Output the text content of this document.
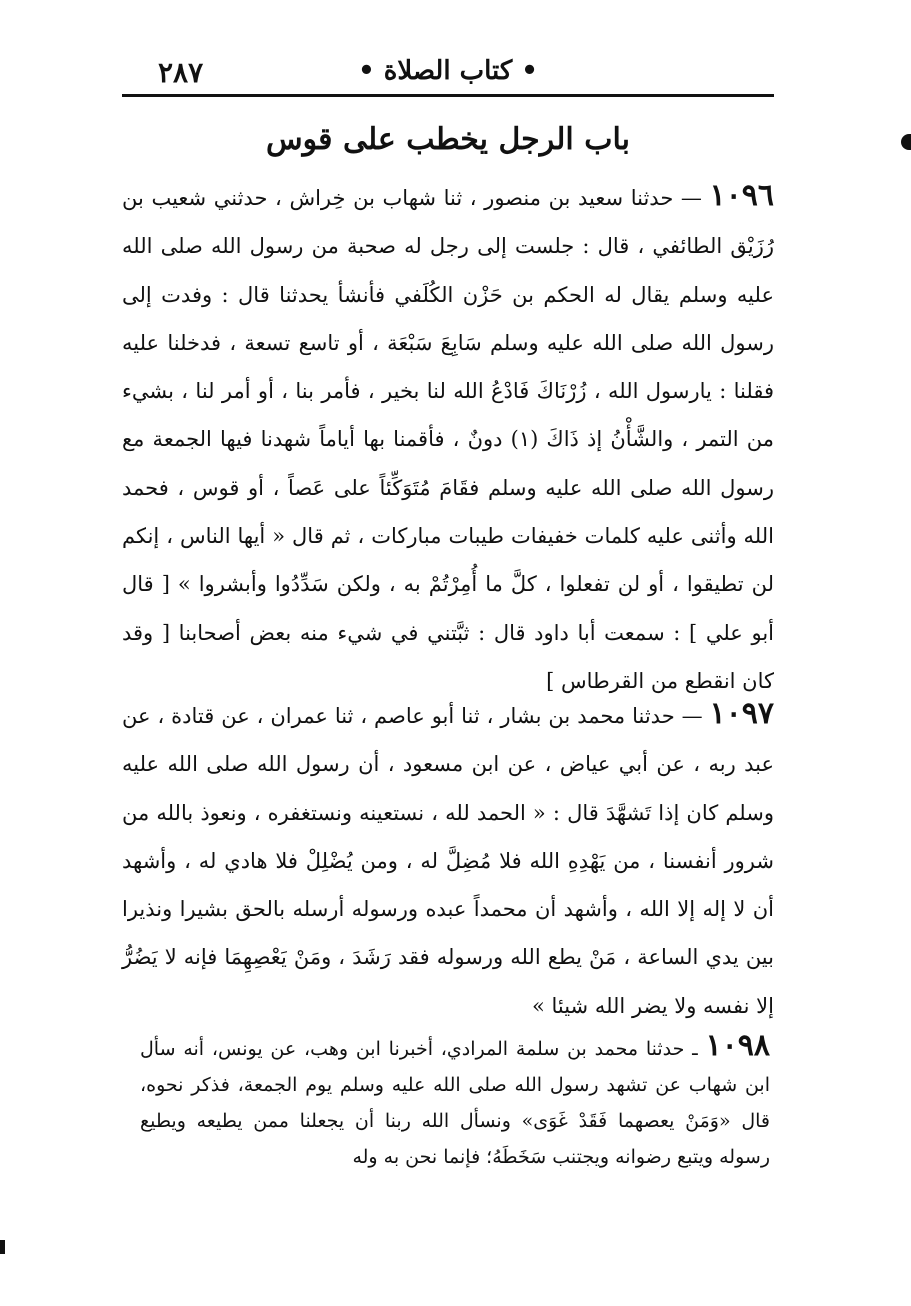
٢٨٧	• كتاب الصلاة •
باب الرجل يخطب على قوس
١٠٩٦ — حدثنا سعيد بن منصور ، ثنا شهاب بن خِراش ، حدثني شعيب بن رُزَيْق الطائفي ، قال : جلست إلى رجل له صحبة من رسول الله صلى الله عليه وسلم يقال له الحكم بن حَزْن الكُلَفي فأنشأ يحدثنا قال : وفدت إلى رسول الله صلى الله عليه وسلم سَابِعَ سَبْعَة ، أو تاسع تسعة ، فدخلنا عليه فقلنا : يارسول الله ، زُرْنَاكَ فَادْعُ الله لنا بخير ، فأمر بنا ، أو أمر لنا ، بشيء من التمر ، والشَّأْنُ إذ ذَاكَ (١) دونٌ ، فأقمنا بها أياماً شهدنا فيها الجمعة مع رسول الله صلى الله عليه وسلم فقَامَ مُتَوَكِّئاً على عَصاً ، أو قوس ، فحمد الله وأثنى عليه كلمات خفيفات طيبات مباركات ، ثم قال « أيها الناس ، إنكم لن تطيقوا ، أو لن تفعلوا ، كلَّ ما أُمِرْتُمْ به ، ولكن سَدِّدُوا وأبشروا » [ قال أبو علي ] : سمعت أبا داود قال : ثبَّتني في شيء منه بعض أصحابنا [ وقد كان انقطع من القرطاس ]
١٠٩٧ — حدثنا محمد بن بشار ، ثنا أبو عاصم ، ثنا عمران ، عن قتادة ، عن عبد ربه ، عن أبي عياض ، عن ابن مسعود ، أن رسول الله صلى الله عليه وسلم كان إذا تَشهَّدَ قال : « الحمد لله ، نستعينه ونستغفره ، ونعوذ بالله من شرور أنفسنا ، من يَهْدِهِ الله فلا مُضِلَّ له ، ومن يُضْلِلْ فلا هادي له ، وأشهد أن لا إله إلا الله ، وأشهد أن محمداً عبده ورسوله أرسله بالحق بشيرا ونذيرا بين يدي الساعة ، مَنْ يطع الله ورسوله فقد رَشَدَ ، ومَنْ يَعْصِهِمَا فإنه لا يَضُرُّ إلا نفسه ولا يضر الله شيئا »
١٠٩٨ ـ حدثنا محمد بن سلمة المرادي، أخبرنا ابن وهب، عن يونس، أنه سأل ابن شهاب عن تشهد رسول الله صلى الله عليه وسلم يوم الجمعة، فذكر نحوه، قال «وَمَنْ يعصهما فَقَدْ غَوَى» ونسأل الله ربنا أن يجعلنا ممن يطيعه ويطيع رسوله ويتبع رضوانه ويجتنب سَخَطَهُ؛ فإنما نحن به وله
